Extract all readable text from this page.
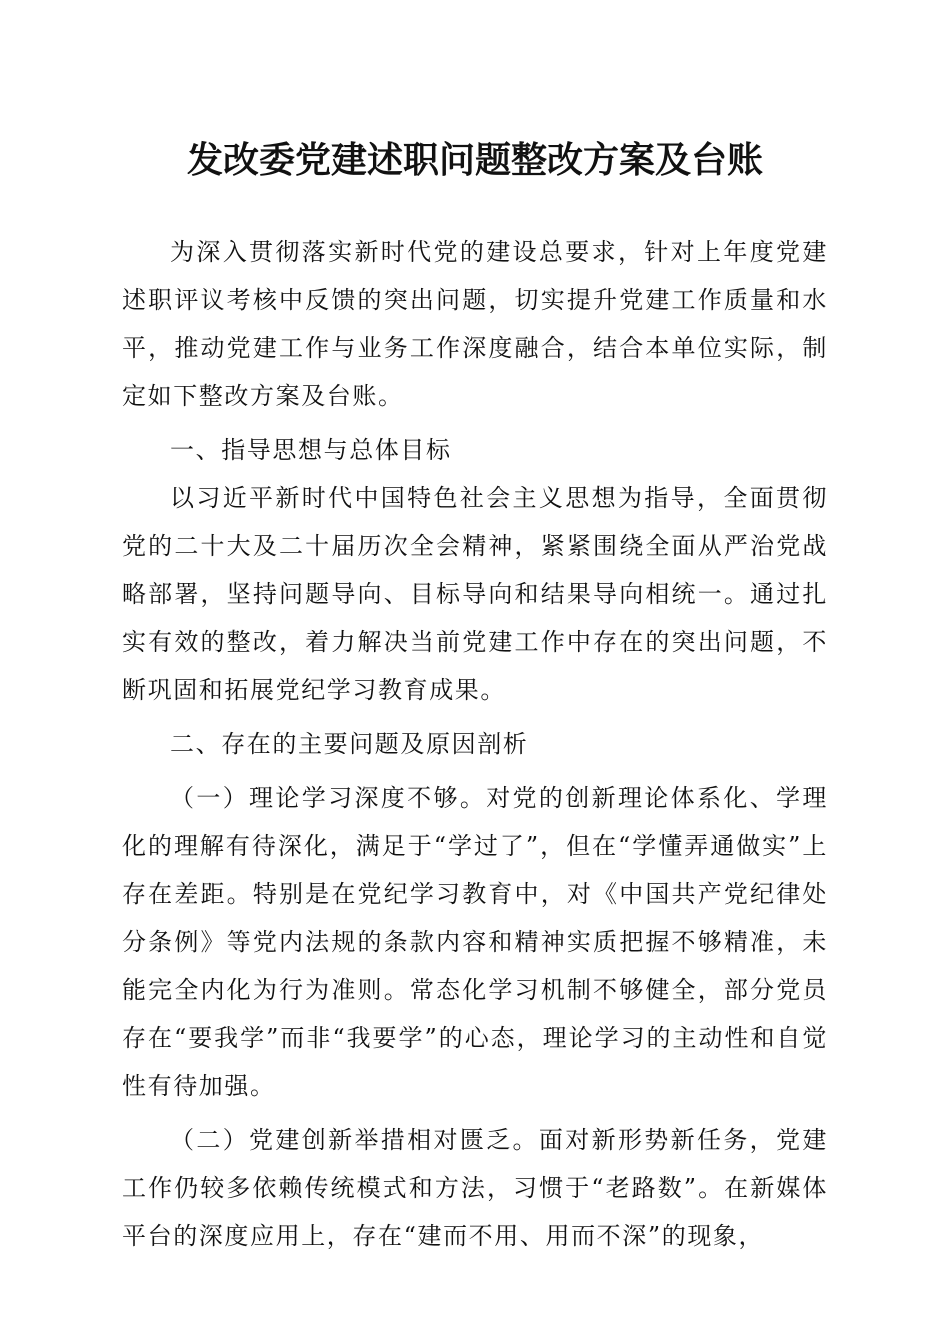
发改委党建述职问题整改方案及台账

为深入贯彻落实新时代党的建设总要求，针对上年度党建述职评议考核中反馈的突出问题，切实提升党建工作质量和水平，推动党建工作与业务工作深度融合，结合本单位实际，制定如下整改方案及台账。

一、指导思想与总体目标

以习近平新时代中国特色社会主义思想为指导，全面贯彻党的二十大及二十届历次全会精神，紧紧围绕全面从严治党战略部署，坚持问题导向、目标导向和结果导向相统一。通过扎实有效的整改，着力解决当前党建工作中存在的突出问题，不断巩固和拓展党纪学习教育成果。

二、存在的主要问题及原因剖析

（一）理论学习深度不够。对党的创新理论体系化、学理化的理解有待深化，满足于“学过了”，但在“学懂弄通做实”上存在差距。特别是在党纪学习教育中，对《中国共产党纪律处分条例》等党内法规的条款内容和精神实质把握不够精准，未能完全内化为行为准则。常态化学习机制不够健全，部分党员存在“要我学”而非“我要学”的心态，理论学习的主动性和自觉性有待加强。

（二）党建创新举措相对匮乏。面对新形势新任务，党建工作仍较多依赖传统模式和方法，习惯于“老路数”。在新媒体平台的深度应用上，存在“建而不用、用而不深”的现象，
